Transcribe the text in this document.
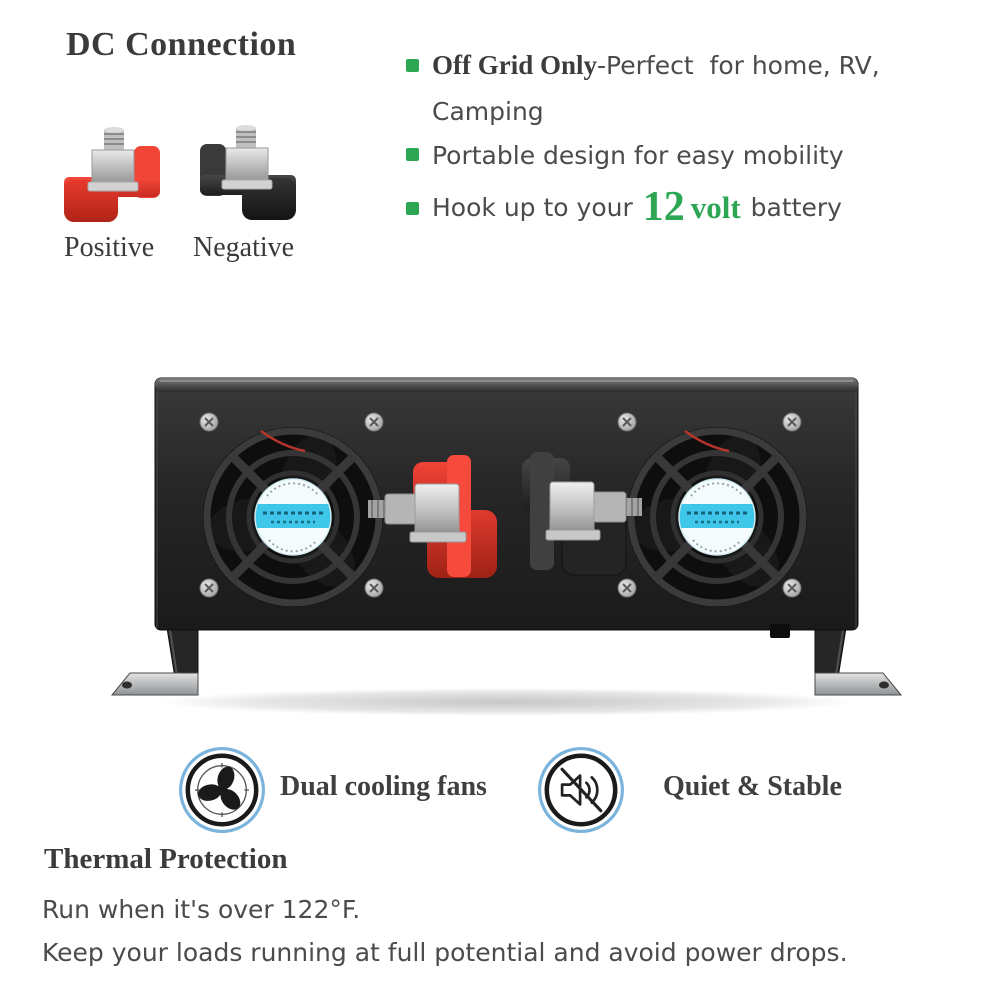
DC Connection
Positive Negative
Off Grid Only-Perfect  for home, RV,
Camping
Portable design for easy mobility
Hook up to your 12 volt battery
Dual cooling fans	Quiet & Stable
Thermal Protection
Run when it's over 122°F.
Keep your loads running at full potential and avoid power drops.
